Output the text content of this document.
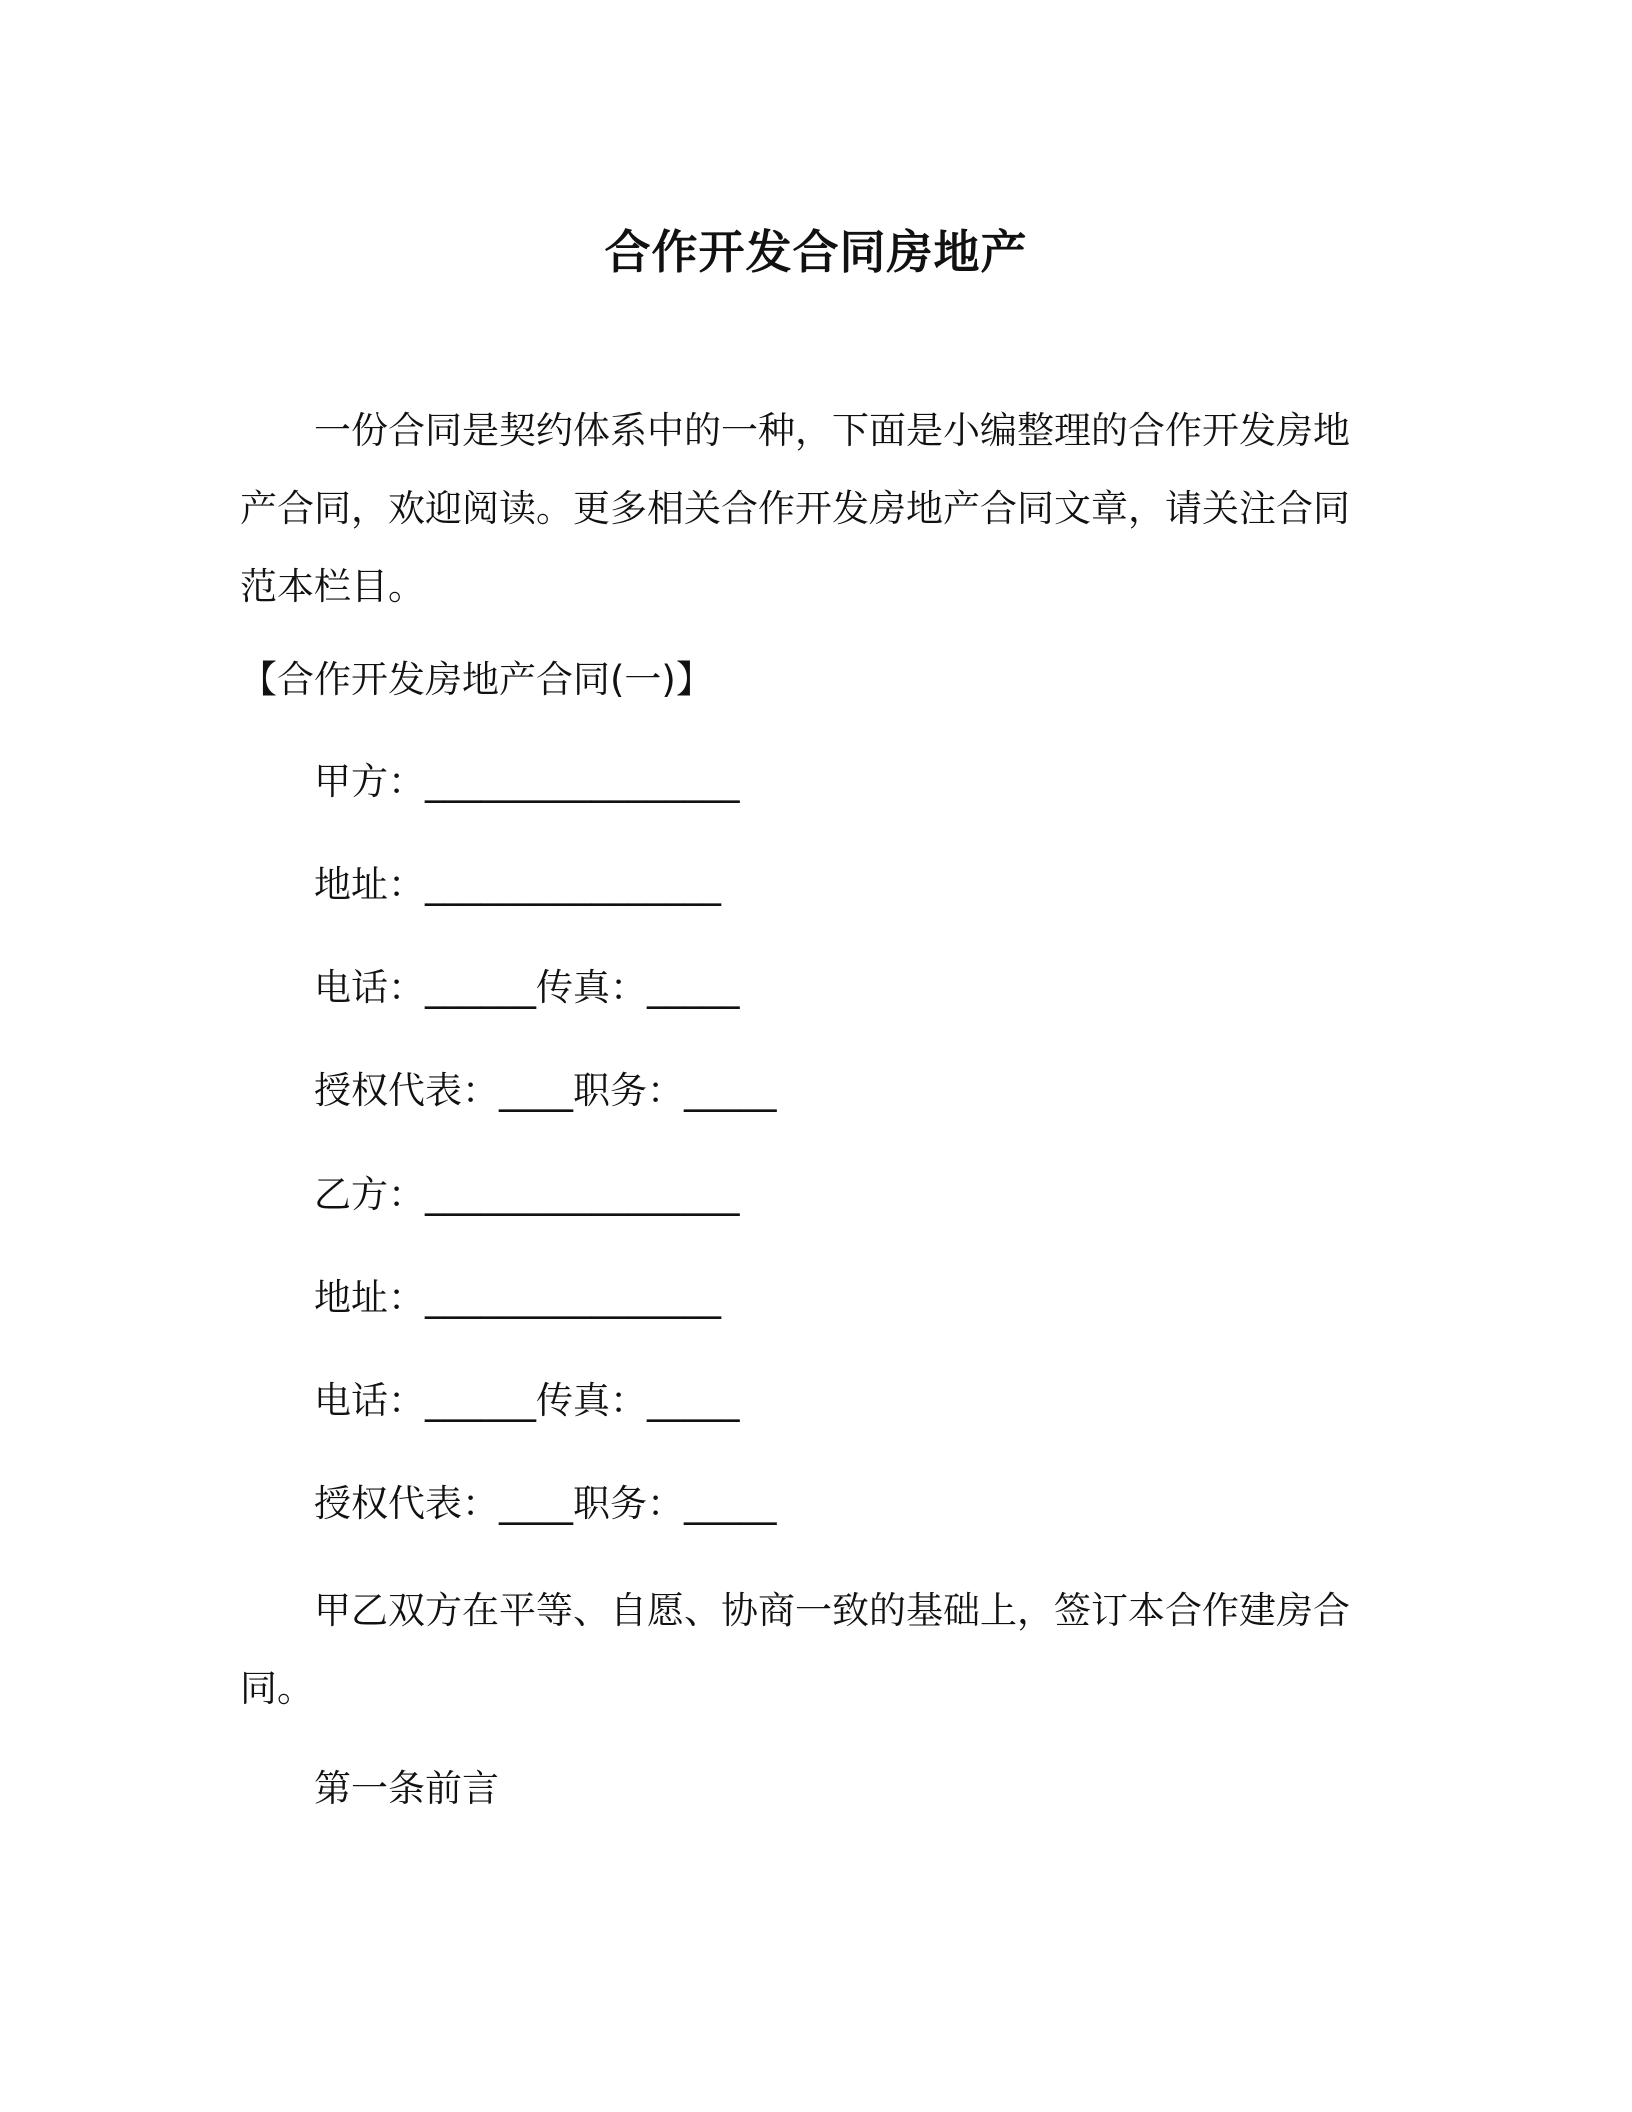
合作开发合同房地产

一份合同是契约体系中的一种，下面是小编整理的合作开发房地产合同，欢迎阅读。更多相关合作开发房地产合同文章，请关注合同范本栏目。

【合作开发房地产合同(一)】

甲方：_________________

地址：________________

电话：______传真：_____

授权代表：____职务：_____

乙方：_________________

地址：________________

电话：______传真：_____

授权代表：____职务：_____

甲乙双方在平等、自愿、协商一致的基础上，签订本合作建房合同。

第一条前言
